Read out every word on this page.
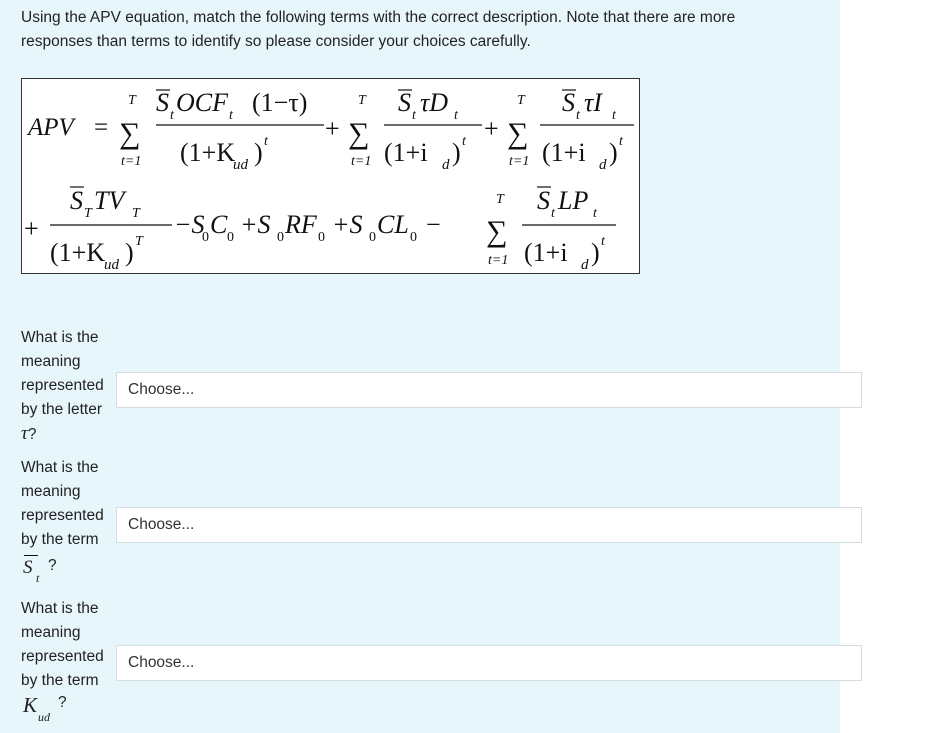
Using the APV equation, match the following terms with the correct description. Note that there are more responses than terms to identify so please consider your choices carefully.
APV =
T
∑
t=1
S t OCF t (1−τ)
(1+K
ud ) t +
T
∑
t=1
S t τD t
(1+i d ) t +
T
∑
t=1
S t τI t
(1+i d ) t
+
S T TV T
(1+K
ud ) T
−S
0 C 0 +S 0 RF 0 +S 0 CL 0 −
T
∑
t=1
S t LP t
(1+i d ) t
What is the meaning represented by the letter
τ?
Choose...
What is the meaning represented by the term
S t
?
Choose...
What is the meaning represented by the term
K ud
?
Choose...
